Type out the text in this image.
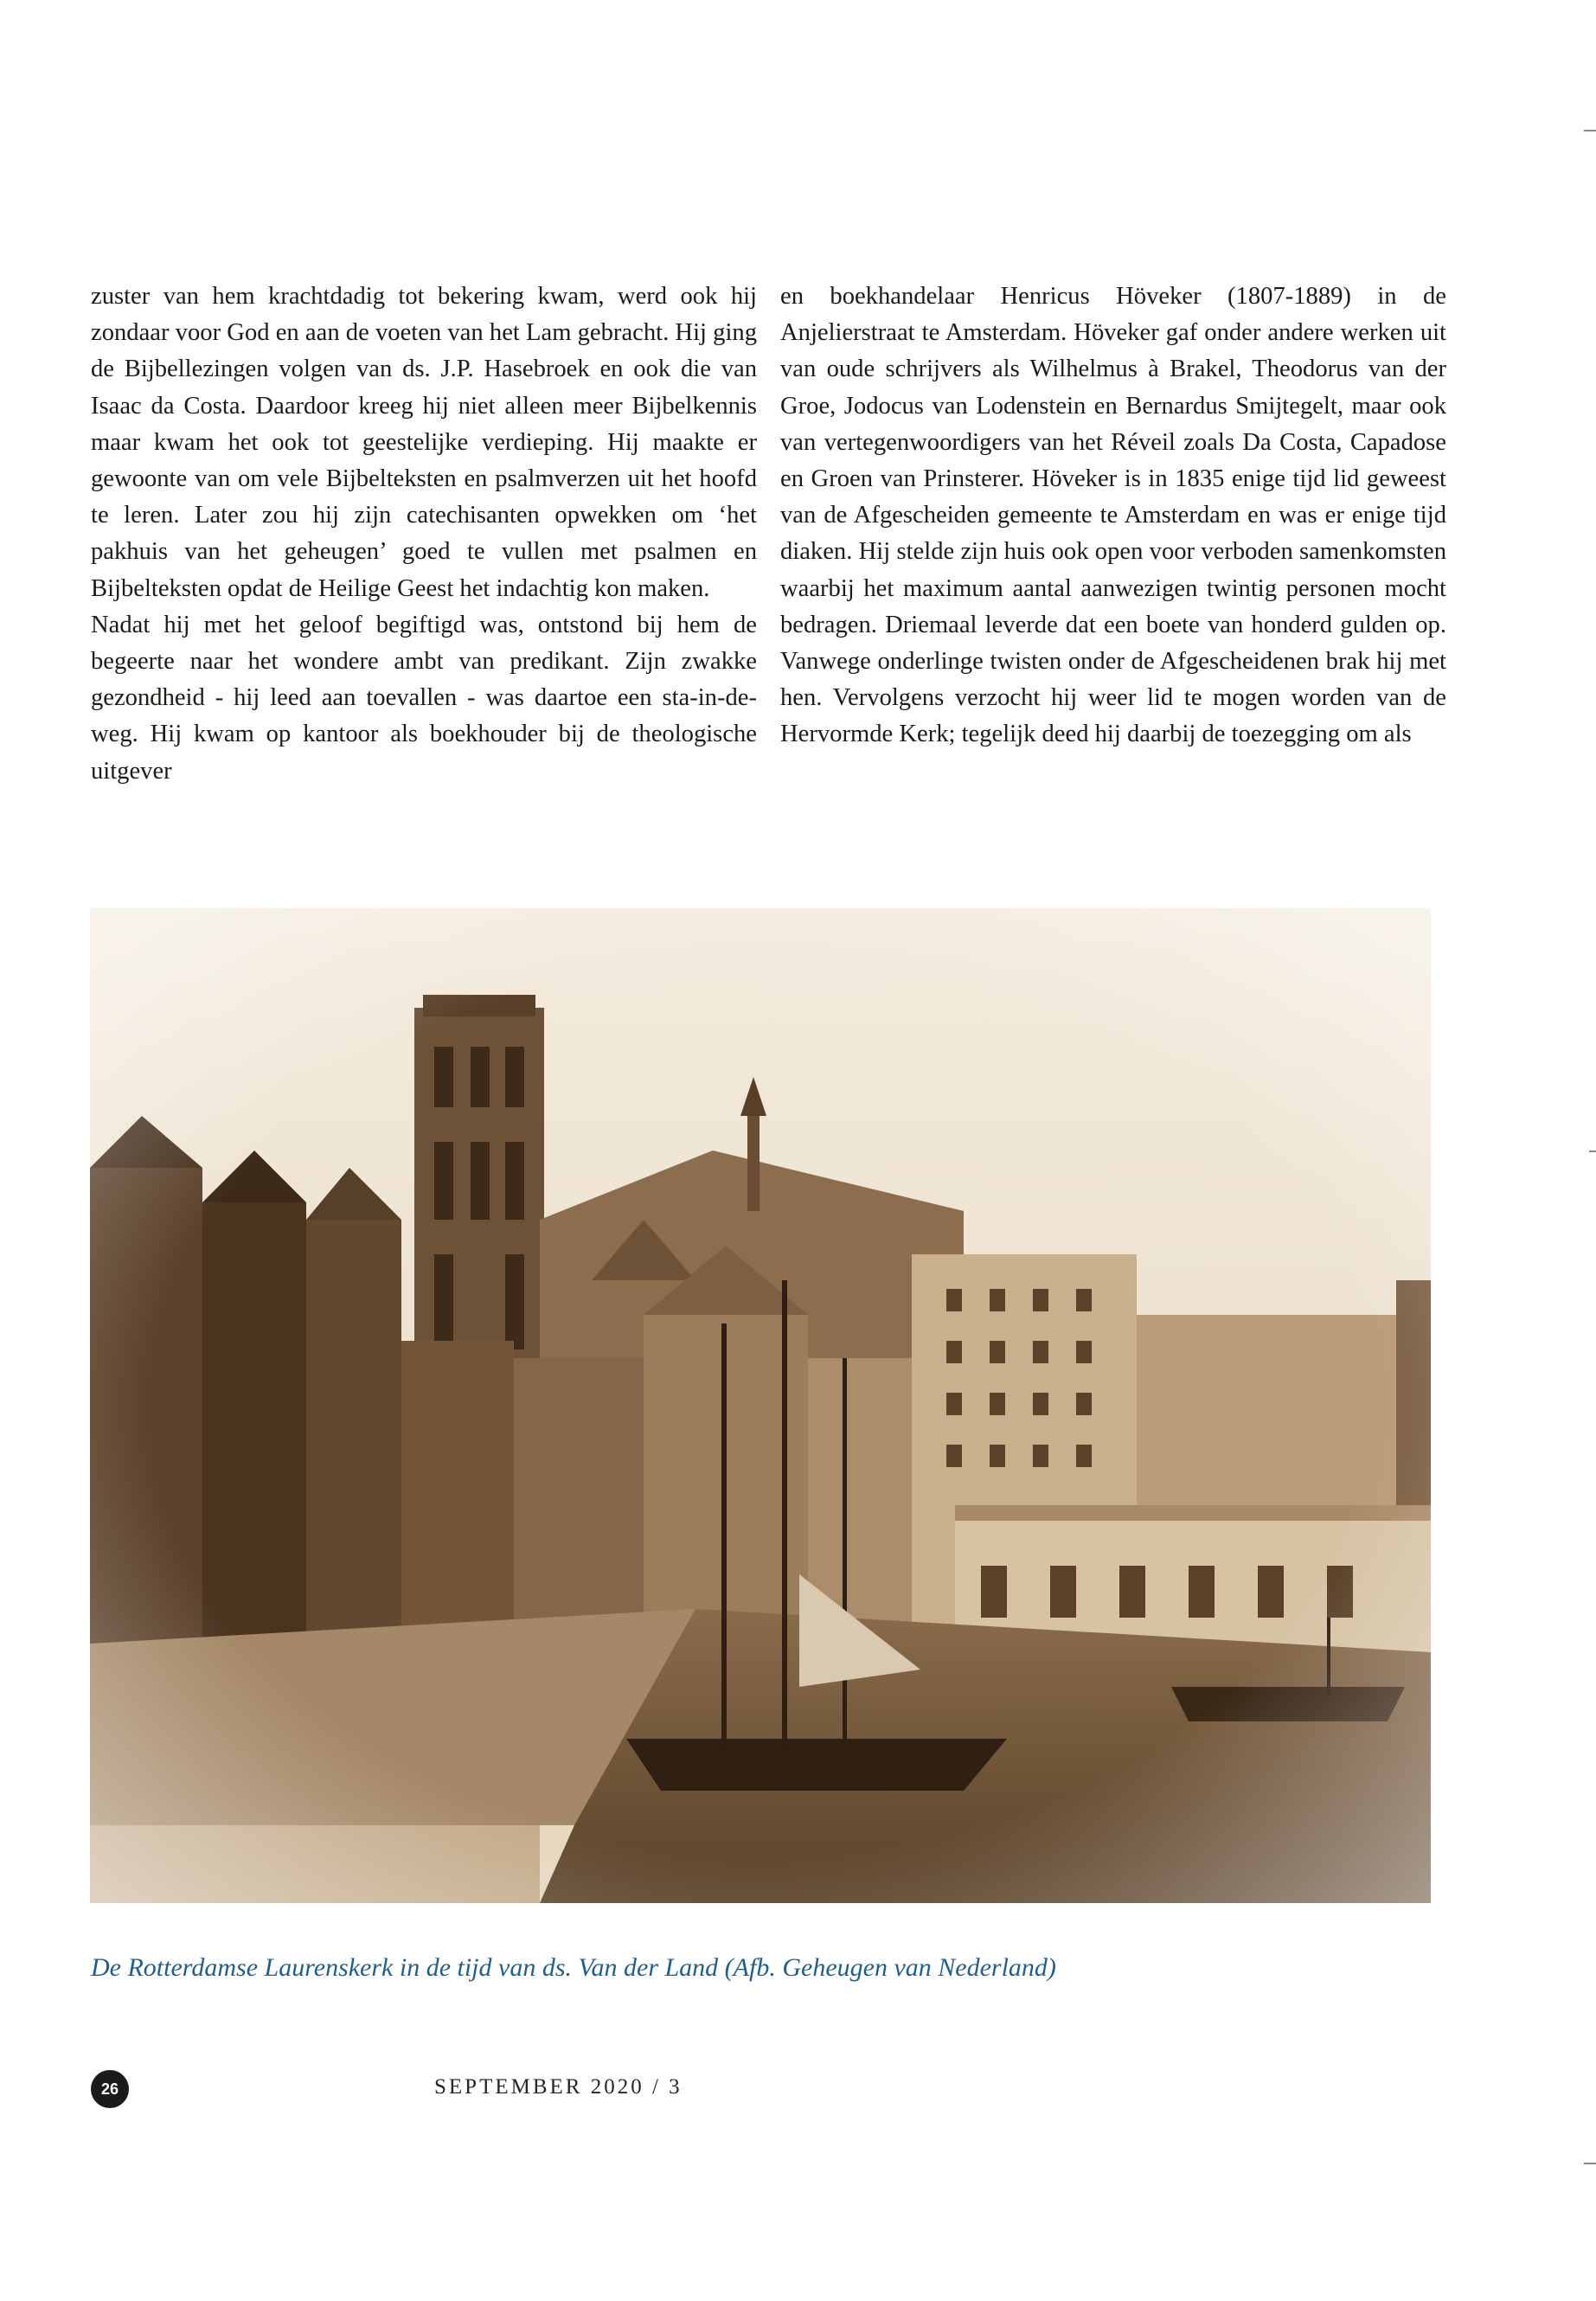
zuster van hem krachtdadig tot bekering kwam, werd ook hij zondaar voor God en aan de voeten van het Lam gebracht. Hij ging de Bijbellezingen volgen van ds. J.P. Hasebroek en ook die van Isaac da Costa. Daardoor kreeg hij niet alleen meer Bijbelkennis maar kwam het ook tot geestelijke verdieping. Hij maakte er gewoonte van om vele Bijbelteksten en psalmverzen uit het hoofd te leren. Later zou hij zijn catechisanten opwekken om ‘het pakhuis van het geheugen’ goed te vullen met psalmen en Bijbelteksten opdat de Heilige Geest het indachtig kon maken.

Nadat hij met het geloof begiftigd was, ontstond bij hem de begeerte naar het wondere ambt van predikant. Zijn zwakke gezondheid - hij leed aan toevallen - was daartoe een sta-in-de-weg. Hij kwam op kantoor als boekhouder bij de theologische uitgever

en boekhandelaar Henricus Höveker (1807-1889) in de Anjelierstraat te Amsterdam. Höveker gaf onder andere werken uit van oude schrijvers als Wilhelmus à Brakel, Theodorus van der Groe, Jodocus van Lodenstein en Bernardus Smijtegelt, maar ook van vertegenwoordigers van het Réveil zoals Da Costa, Capadose en Groen van Prinsterer. Höveker is in 1835 enige tijd lid geweest van de Afgescheiden gemeente te Amsterdam en was er enige tijd diaken. Hij stelde zijn huis ook open voor verboden samenkomsten waarbij het maximum aantal aanwezigen twintig personen mocht bedragen. Driemaal leverde dat een boete van honderd gulden op. Vanwege onderlinge twisten onder de Afgescheidenen brak hij met hen. Vervolgens verzocht hij weer lid te mogen worden van de Hervormde Kerk; tegelijk deed hij daarbij de toezegging om als

De Rotterdamse Laurenskerk in de tijd van ds. Van der Land (Afb. Geheugen van Nederland)

26	SEPTEMBER 2020 / 3
